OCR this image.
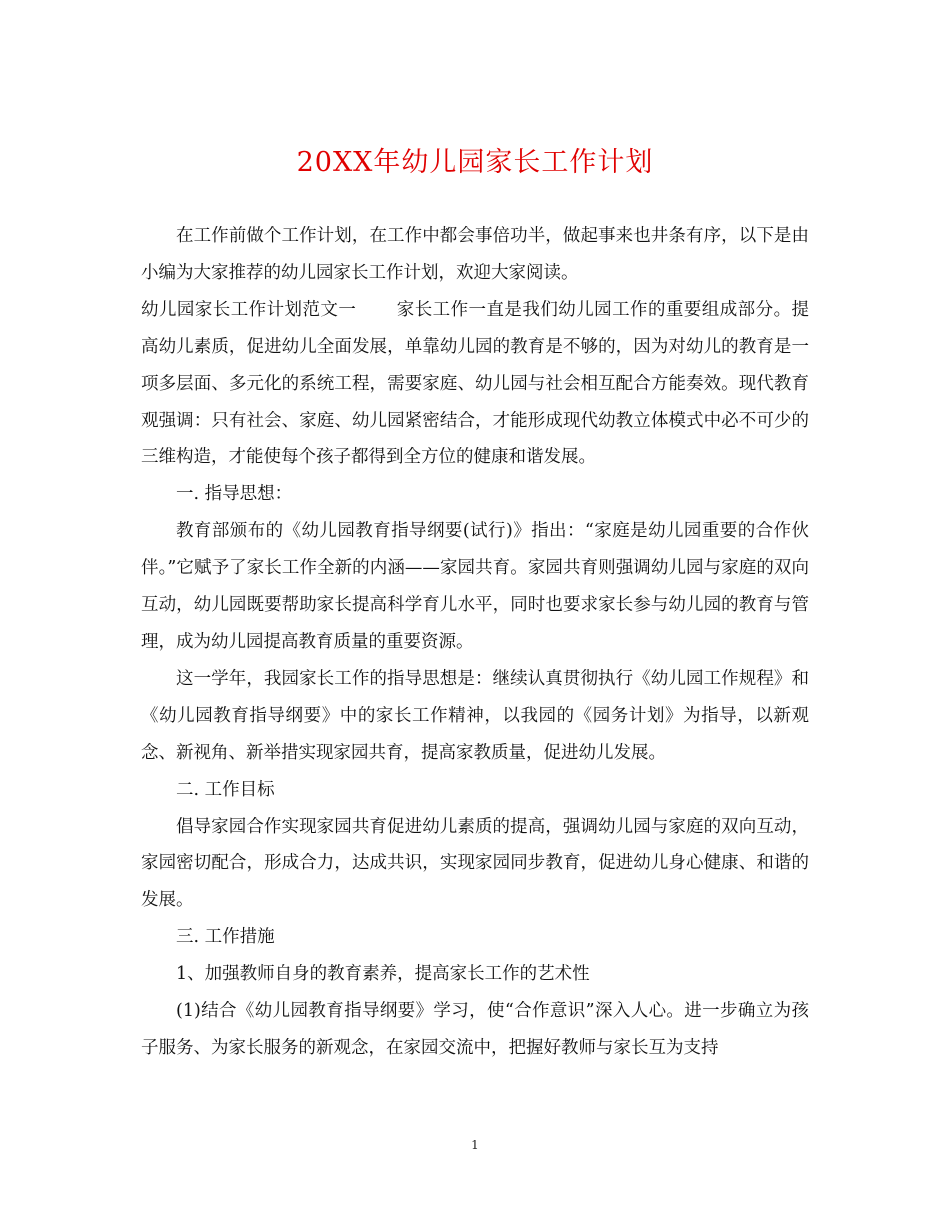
20XX年幼儿园家长工作计划

在工作前做个工作计划，在工作中都会事倍功半，做起事来也井条有序，以下是由小编为大家推荐的幼儿园家长工作计划，欢迎大家阅读。

幼儿园家长工作计划范文一 家长工作一直是我们幼儿园工作的重要组成部分。提高幼儿素质，促进幼儿全面发展，单靠幼儿园的教育是不够的，因为对幼儿的教育是一项多层面、多元化的系统工程，需要家庭、幼儿园与社会相互配合方能奏效。现代教育观强调：只有社会、家庭、幼儿园紧密结合，才能形成现代幼教立体模式中必不可少的三维构造，才能使每个孩子都得到全方位的健康和谐发展。

一. 指导思想：

教育部颁布的《幼儿园教育指导纲要(试行)》指出：“家庭是幼儿园重要的合作伙伴。”它赋予了家长工作全新的内涵——家园共育。家园共育则强调幼儿园与家庭的双向互动，幼儿园既要帮助家长提高科学育儿水平，同时也要求家长参与幼儿园的教育与管理，成为幼儿园提高教育质量的重要资源。

这一学年，我园家长工作的指导思想是：继续认真贯彻执行《幼儿园工作规程》和《幼儿园教育指导纲要》中的家长工作精神，以我园的《园务计划》为指导，以新观念、新视角、新举措实现家园共育，提高家教质量，促进幼儿发展。

二. 工作目标

倡导家园合作实现家园共育促进幼儿素质的提高，强调幼儿园与家庭的双向互动，家园密切配合，形成合力，达成共识，实现家园同步教育，促进幼儿身心健康、和谐的发展。

三. 工作措施

1、加强教师自身的教育素养，提高家长工作的艺术性

(1)结合《幼儿园教育指导纲要》学习，使“合作意识”深入人心。进一步确立为孩子服务、为家长服务的新观念，在家园交流中，把握好教师与家长互为支持

1
